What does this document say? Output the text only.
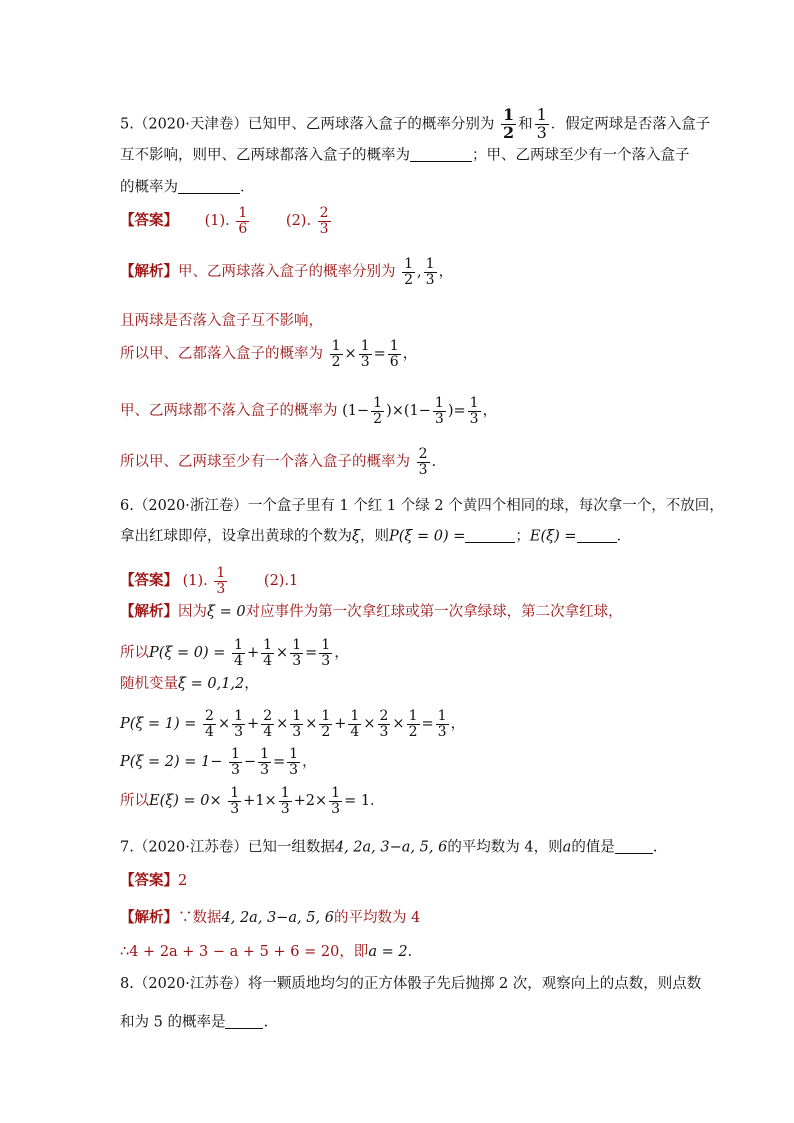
5.（2020·天津卷）已知甲、乙两球落入盒子的概率分别为 $\frac{1}{2}$ 和 $\frac{1}{3}$ ．假定两球是否落入盒子
互不影响，则甲、乙两球都落入盒子的概率为	；甲、乙两球至少有一个落入盒子
的概率为	．
【答案】 (1). $\frac{1}{6}$	(2). $\frac{2}{3}$
【解析】甲、乙两球落入盒子的概率分别为 $\frac{1}{2}$ , $\frac{1}{3}$ ，
且两球是否落入盒子互不影响，
所以甲、乙都落入盒子的概率为 $\frac{1}{2} \times \frac{1}{3} = \frac{1}{6}$ ，
甲、乙两球都不落入盒子的概率为 $(1- \frac{1}{2} )\times(1- \frac{1}{3}$ )= $\frac{1}{3}$ ，
所以甲、乙两球至少有一个落入盒子的概率为 $\frac{2}{3}$ .
6.（2020·浙江卷）一个盒子里有 1 个红 1 个绿 2 个黄四个相同的球，每次拿一个，不放回，
拿出红球即停，设拿出黄球的个数为ξ，则P(ξ = 0) =	；E(ξ) =	．
【答案】 (1). $\frac{1}{3}$	(2).1
【解析】因为ξ = 0对应事件为第一次拿红球或第一次拿绿球，第二次拿红球，
所以$P(\xi = 0) = \frac{1}{4} + \frac{1}{4} \times \frac{1}{3} = \frac{1}{3}$ ，
随机变量ξ = 0,1,2，
$P(\xi = 1) = \frac{2}{4} \times \frac{1}{3} + \frac{2}{4} \times \frac{1}{3} \times \frac{1}{2} + \frac{1}{4} \times \frac{2}{3} \times \frac{1}{2} = \frac{1}{3}$ ，
$P(\xi = 2) = 1- \frac{1}{3} - \frac{1}{3} = \frac{1}{3}$ ，
所以$E(\xi) = 0\times \frac{1}{3} +1\times \frac{1}{3} +2\times \frac{1}{3} = 1$．
7.（2020·江苏卷）已知一组数据4, 2a, 3−a, 5, 6的平均数为 4，则a的值是	.
【答案】2
【解析】∵数据4, 2a, 3−a, 5, 6的平均数为 4
∴4 + 2a + 3 − a + 5 + 6 = 20，即a = 2．
8.（2020·江苏卷）将一颗质地均匀的正方体骰子先后抛掷 2 次，观察向上的点数，则点数
和为 5 的概率是	.
